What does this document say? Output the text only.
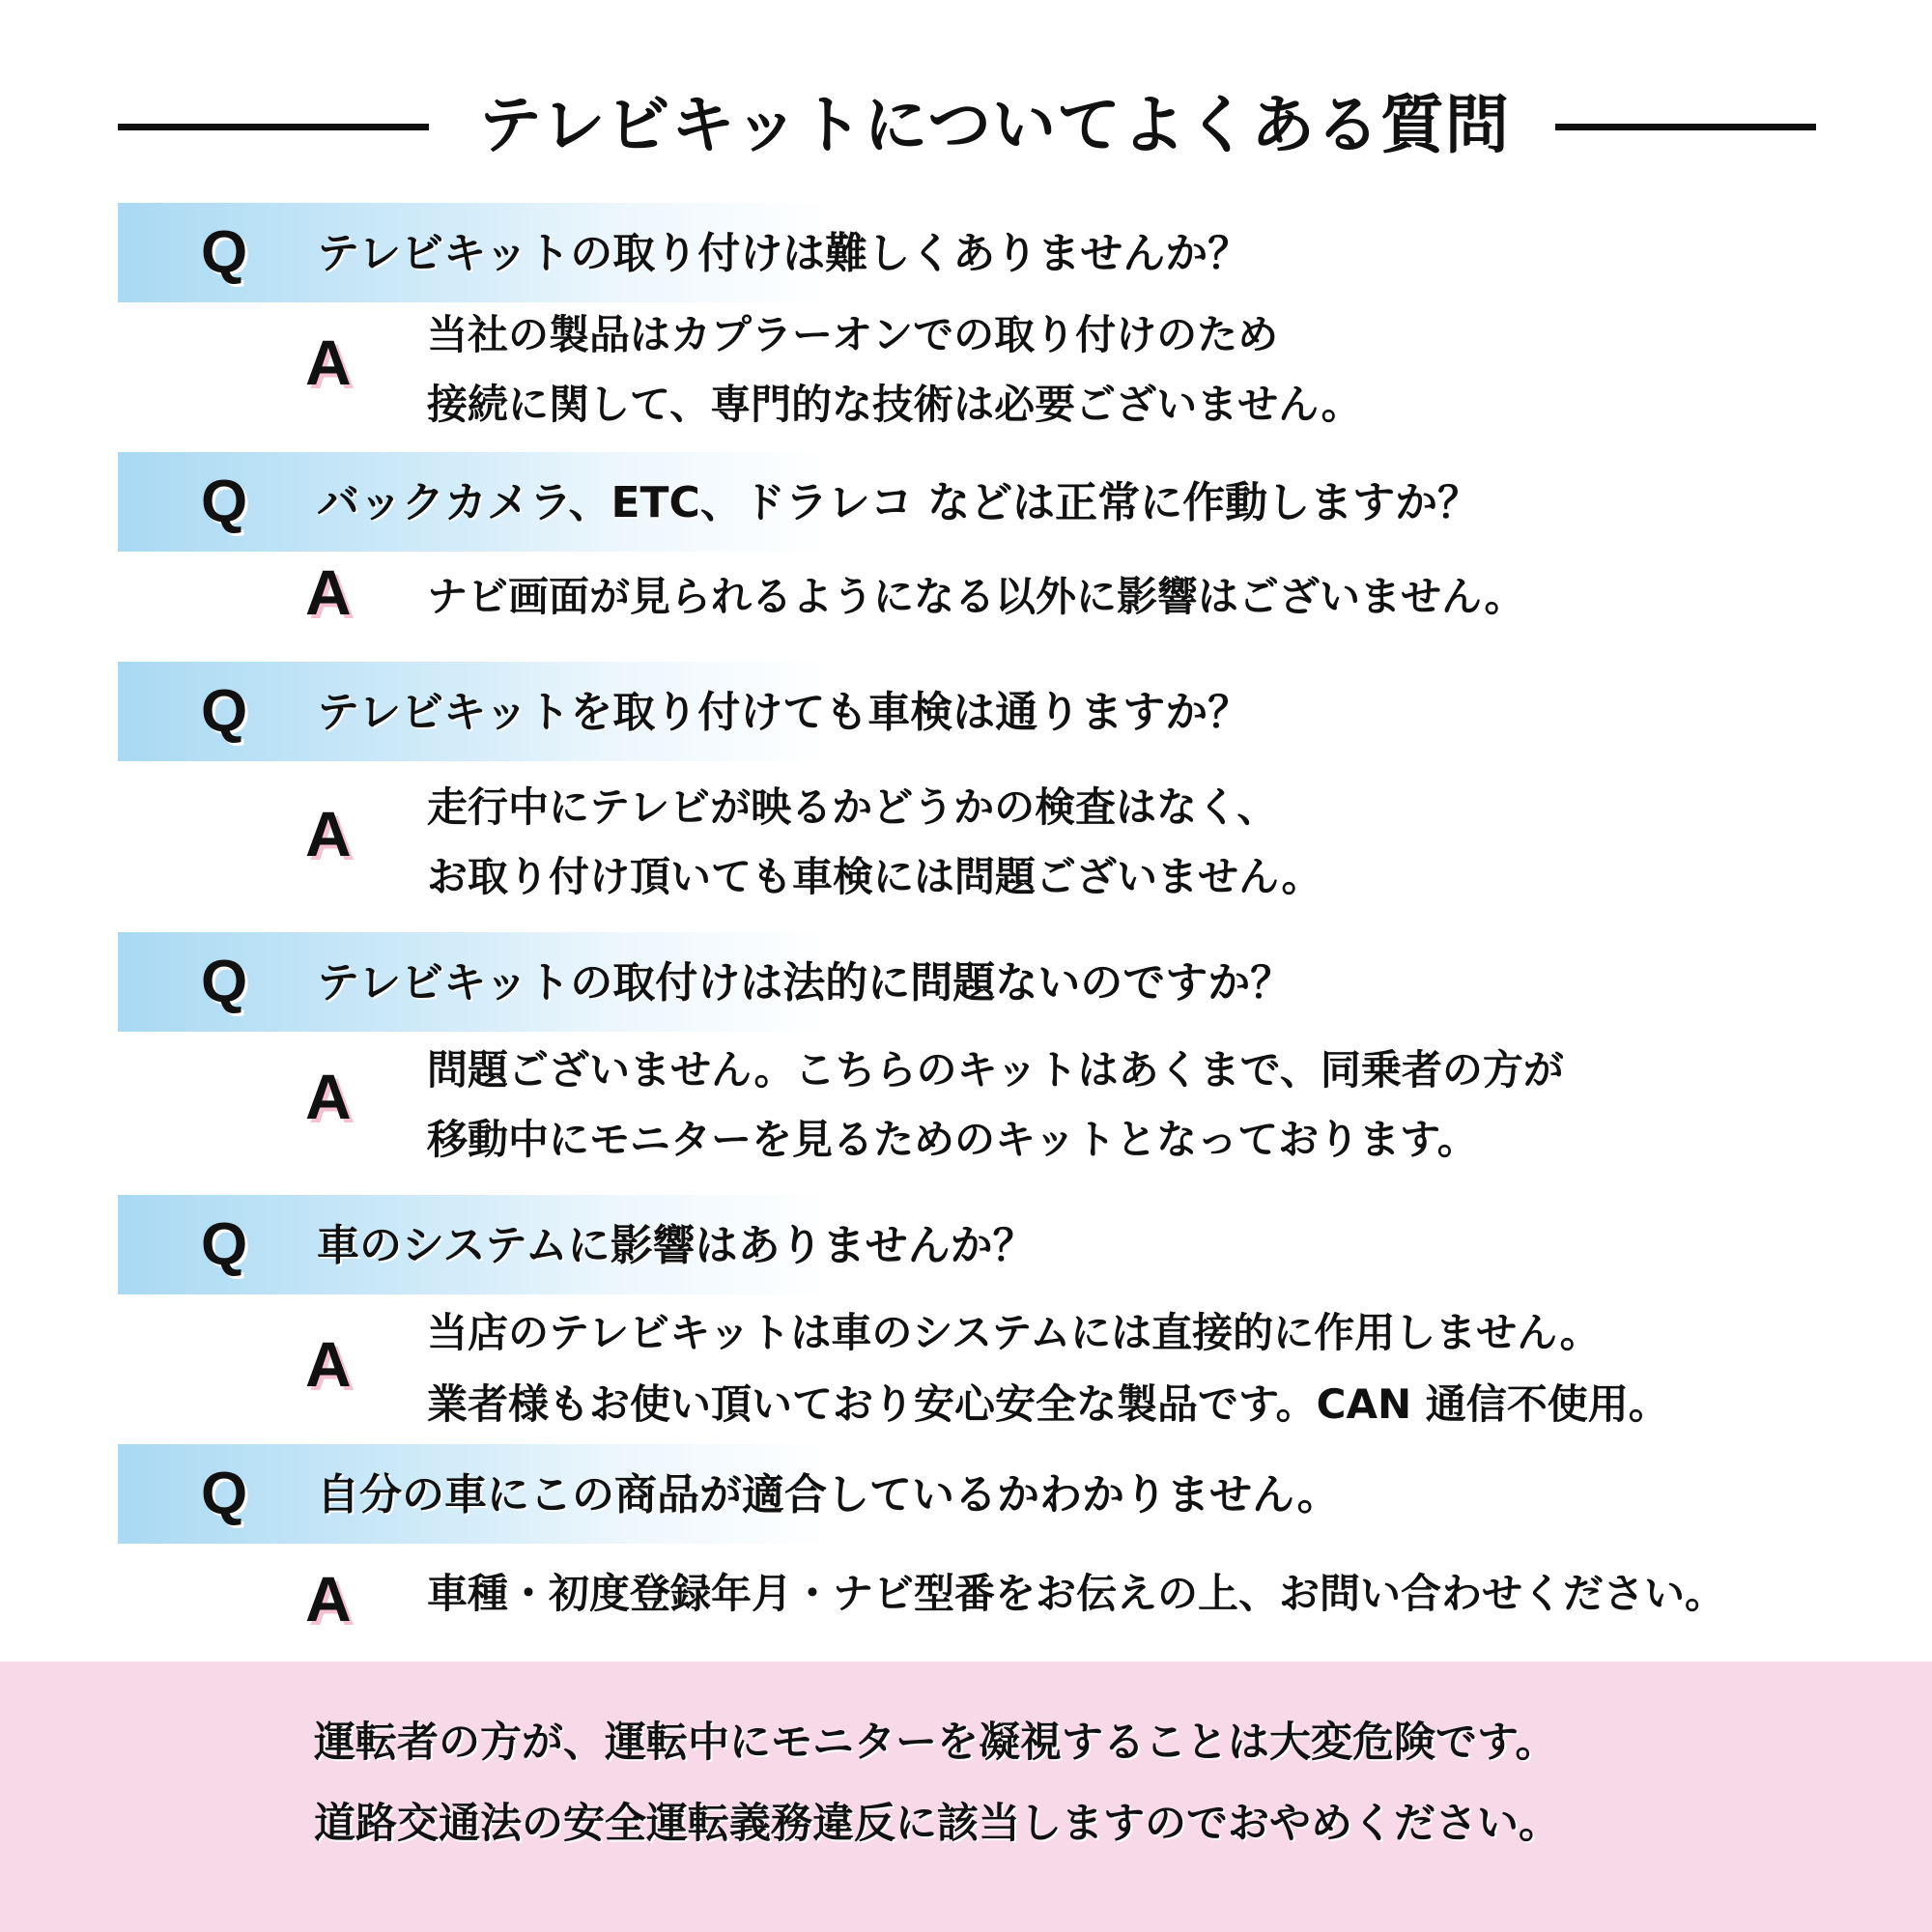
テレビキットについてよくある質問
Q テレビキットの取り付けは難しくありませんか？
A 当社の製品はカプラーオンでの取り付けのため
接続に関して、専門的な技術は必要ございません。
Q バックカメラ、ETC、ドラレコ などは正常に作動しますか？
A ナビ画面が見られるようになる以外に影響はございません。
Q テレビキットを取り付けても車検は通りますか？
A 走行中にテレビが映るかどうかの検査はなく、
お取り付け頂いても車検には問題ございません。
Q テレビキットの取付けは法的に問題ないのですか？
A 問題ございません。こちらのキットはあくまで、同乗者の方が
移動中にモニターを見るためのキットとなっております。
Q 車のシステムに影響はありませんか？
A 当店のテレビキットは車のシステムには直接的に作用しません。
業者様もお使い頂いており安心安全な製品です。CAN 通信不使用。
Q 自分の車にこの商品が適合しているかわかりません。
A 車種・初度登録年月・ナビ型番をお伝えの上、お問い合わせください。
運転者の方が、運転中にモニターを凝視することは大変危険です。
道路交通法の安全運転義務違反に該当しますのでおやめください。
